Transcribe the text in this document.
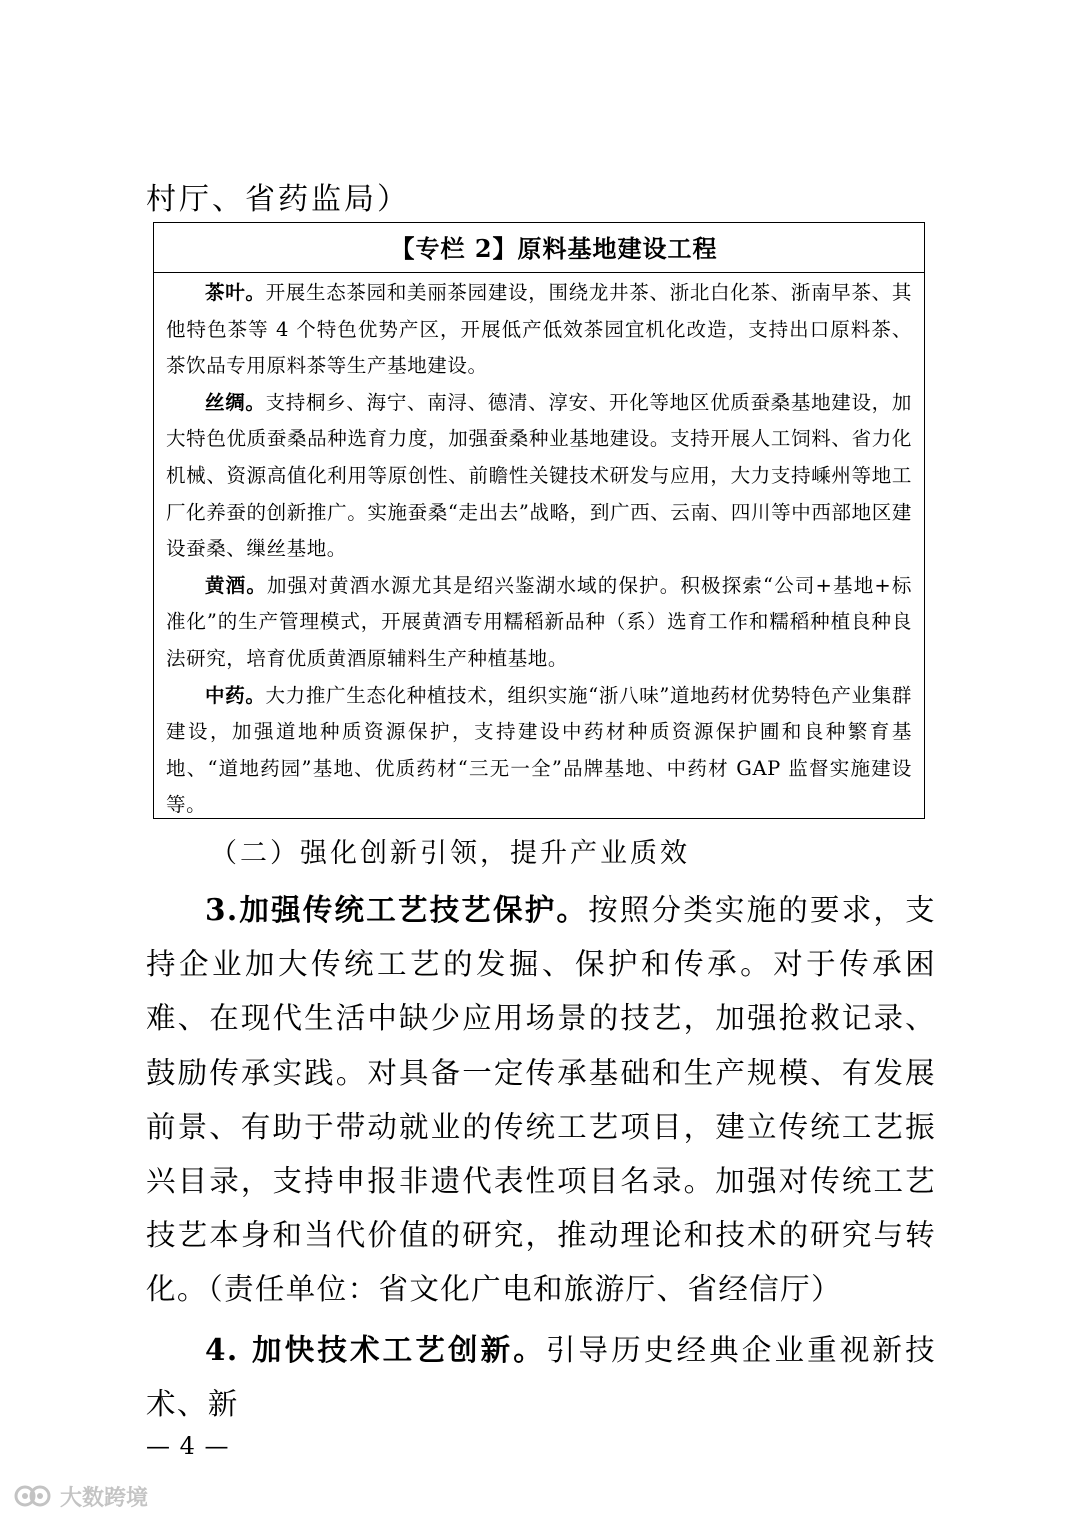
村厅、省药监局）
【专栏 2】原料基地建设工程

茶叶。开展生态茶园和美丽茶园建设，围绕龙井茶、浙北白化茶、浙南早茶、其他特色茶等 4 个特色优势产区，开展低产低效茶园宜机化改造，支持出口原料茶、茶饮品专用原料茶等生产基地建设。

丝绸。支持桐乡、海宁、南浔、德清、淳安、开化等地区优质蚕桑基地建设，加大特色优质蚕桑品种选育力度，加强蚕桑种业基地建设。支持开展人工饲料、省力化机械、资源高值化利用等原创性、前瞻性关键技术研发与应用，大力支持嵊州等地工厂化养蚕的创新推广。实施蚕桑“走出去”战略，到广西、云南、四川等中西部地区建设蚕桑、缫丝基地。

黄酒。加强对黄酒水源尤其是绍兴鉴湖水域的保护。积极探索“公司+基地+标准化”的生产管理模式，开展黄酒专用糯稻新品种（系）选育工作和糯稻种植良种良法研究，培育优质黄酒原辅料生产种植基地。

中药。大力推广生态化种植技术，组织实施“浙八味”道地药材优势特色产业集群建设，加强道地种质资源保护，支持建设中药材种质资源保护圃和良种繁育基地、“道地药园”基地、优质药材“三无一全”品牌基地、中药材 GAP 监督实施建设等。

（二）强化创新引领，提升产业质效

3.加强传统工艺技艺保护。按照分类实施的要求，支持企业加大传统工艺的发掘、保护和传承。对于传承困难、在现代生活中缺少应用场景的技艺，加强抢救记录、鼓励传承实践。对具备一定传承基础和生产规模、有发展前景、有助于带动就业的传统工艺项目，建立传统工艺振兴目录，支持申报非遗代表性项目名录。加强对传统工艺技艺本身和当代价值的研究，推动理论和技术的研究与转化。（责任单位：省文化广电和旅游厅、省经信厅）

4. 加快技术工艺创新。引导历史经典企业重视新技术、新

— 4 —
大数跨境
